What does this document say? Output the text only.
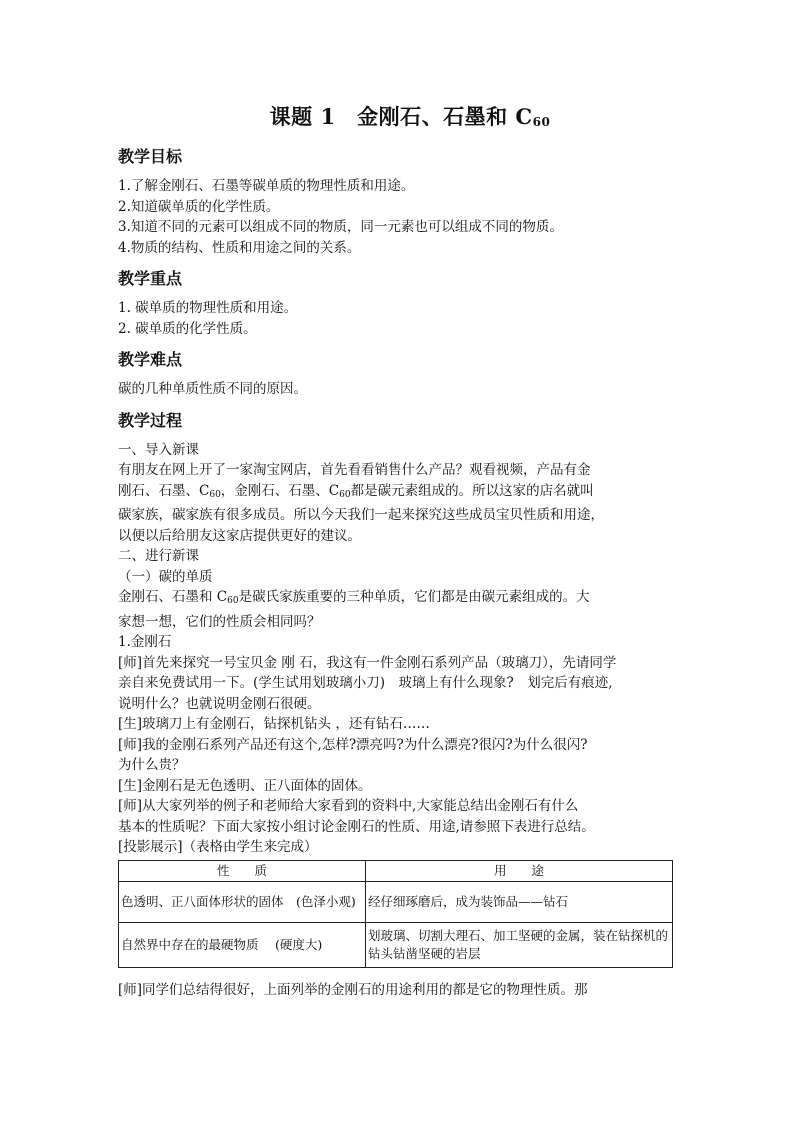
课题 1　金刚石、石墨和 $C_{60}$
教学目标

1.了解金刚石、石墨等碳单质的物理性质和用途。

2.知道碳单质的化学性质。

3.知道不同的元素可以组成不同的物质，同一元素也可以组成不同的物质。

4.物质的结构、性质和用途之间的关系。

教学重点

1. 碳单质的物理性质和用途。

2. 碳单质的化学性质。

教学难点

碳的几种单质性质不同的原因。

教学过程

一、导入新课

有朋友在网上开了一家淘宝网店，首先看看销售什么产品？观看视频，产品有金

刚石、石墨、C60，金刚石、石墨、C60都是碳元素组成的。所以这家的店名就叫

碳家族，碳家族有很多成员。所以今天我们一起来探究这些成员宝贝性质和用途，

以便以后给朋友这家店提供更好的建议。

二、进行新课

（一）碳的单质

金刚石、石墨和 C60是碳氏家族重要的三种单质，它们都是由碳元素组成的。大

家想一想，它们的性质会相同吗？

1.金刚石

[师]首先来探究一号宝贝金 刚 石，我这有一件金刚石系列产品（玻璃刀），先请同学

亲自来免费试用一下。(学生试用划玻璃小刀)　玻璃上有什么现象?　划完后有痕迹,

说明什么？也就说明金刚石很硬。

[生]玻璃刀上有金刚石，钻探机钻头 ，还有钻石……

[师]我的金刚石系列产品还有这个,怎样?漂亮吗?为什么漂亮?很闪?为什么很闪?

为什么贵？

[生]金刚石是无色透明、正八面体的固体。

[师]从大家列举的例子和老师给大家看到的资料中,大家能总结出金刚石有什么

基本的性质呢？下面大家按小组讨论金刚石的性质、用途,请参照下表进行总结。

[投影展示]（表格由学生来完成）

性　　质	用　　途
色透明、正八面体形状的固体　(色泽小观)	经仔细琢磨后，成为装饰品——钻石
自然界中存在的最硬物质　 (硬度大)	划玻璃、切割大理石、加工坚硬的金属，装在钻探机的钻头钻凿坚硬的岩层

[师]同学们总结得很好，上面列举的金刚石的用途利用的都是它的物理性质。那
